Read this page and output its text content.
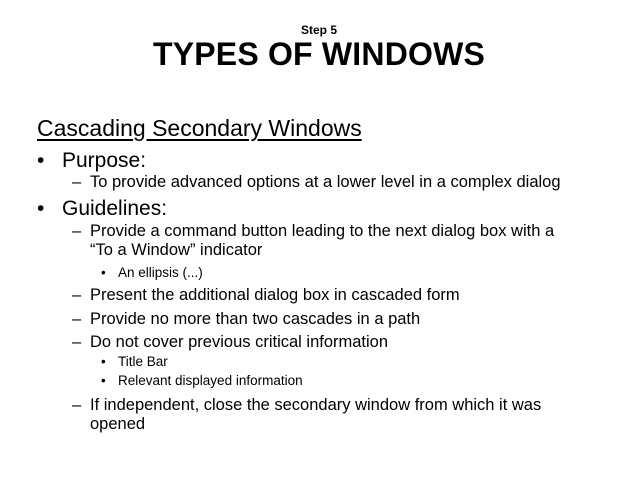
Step 5
TYPES OF WINDOWS
Cascading Secondary Windows
• Purpose:
– To provide advanced options at a lower level in a complex dialog
• Guidelines:
– Provide a command button leading to the next dialog box with a
“To a Window” indicator
• An ellipsis (...)
– Present the additional dialog box in cascaded form
– Provide no more than two cascades in a path
– Do not cover previous critical information
• Title Bar
• Relevant displayed information
– If independent, close the secondary window from which it was
opened
